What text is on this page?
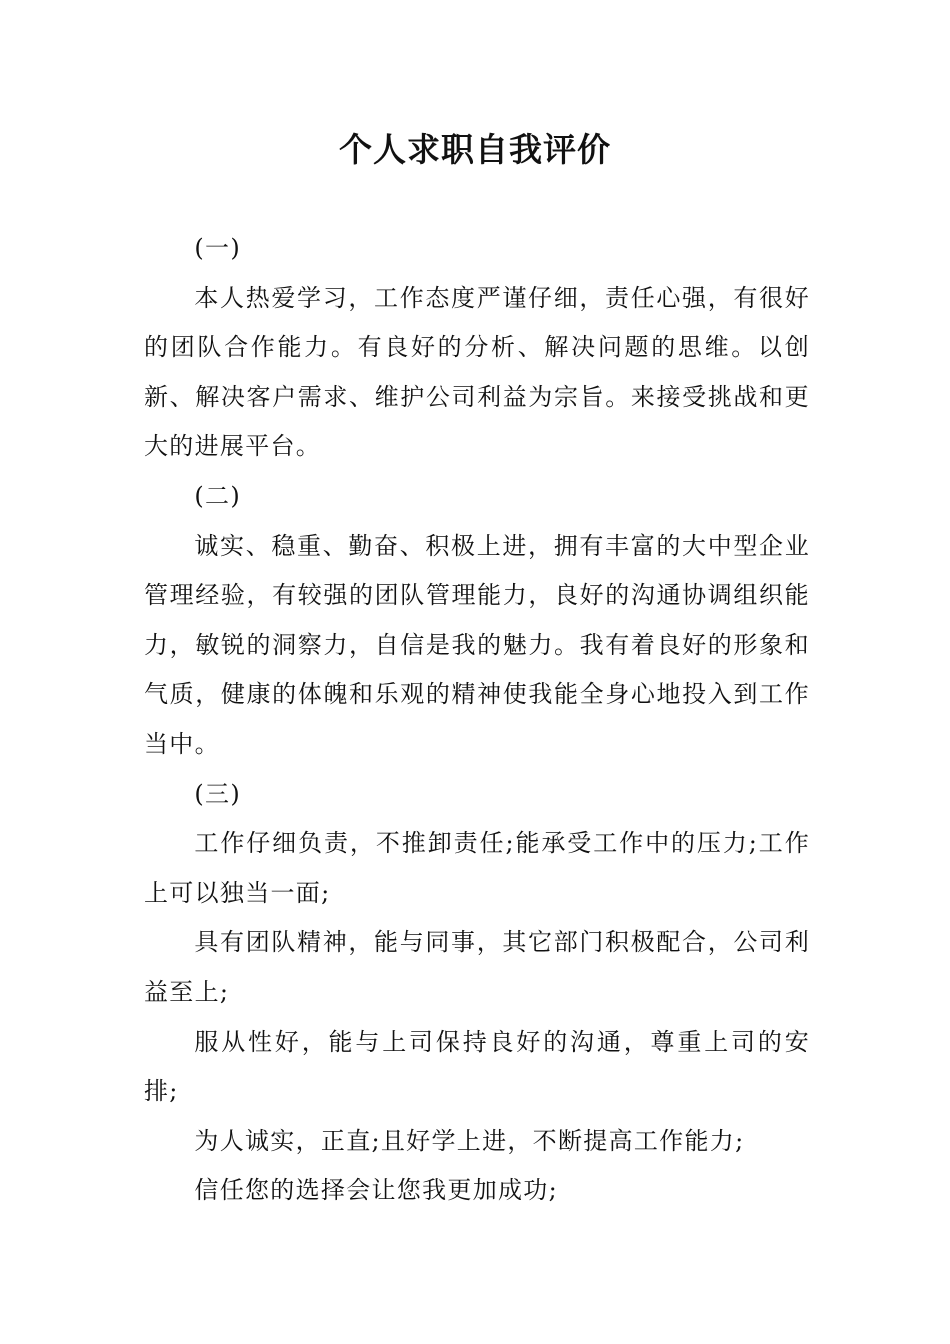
个人求职自我评价

(一)

本人热爱学习，工作态度严谨仔细，责任心强，有很好的团队合作能力。有良好的分析、解决问题的思维。以创新、解决客户需求、维护公司利益为宗旨。来接受挑战和更大的进展平台。

(二)

诚实、稳重、勤奋、积极上进，拥有丰富的大中型企业管理经验，有较强的团队管理能力，良好的沟通协调组织能力，敏锐的洞察力，自信是我的魅力。我有着良好的形象和气质，健康的体魄和乐观的精神使我能全身心地投入到工作当中。

(三)

工作仔细负责，不推卸责任;能承受工作中的压力;工作上可以独当一面;

具有团队精神，能与同事，其它部门积极配合，公司利益至上;

服从性好，能与上司保持良好的沟通，尊重上司的安排;

为人诚实，正直;且好学上进，不断提高工作能力;

信任您的选择会让您我更加成功;
